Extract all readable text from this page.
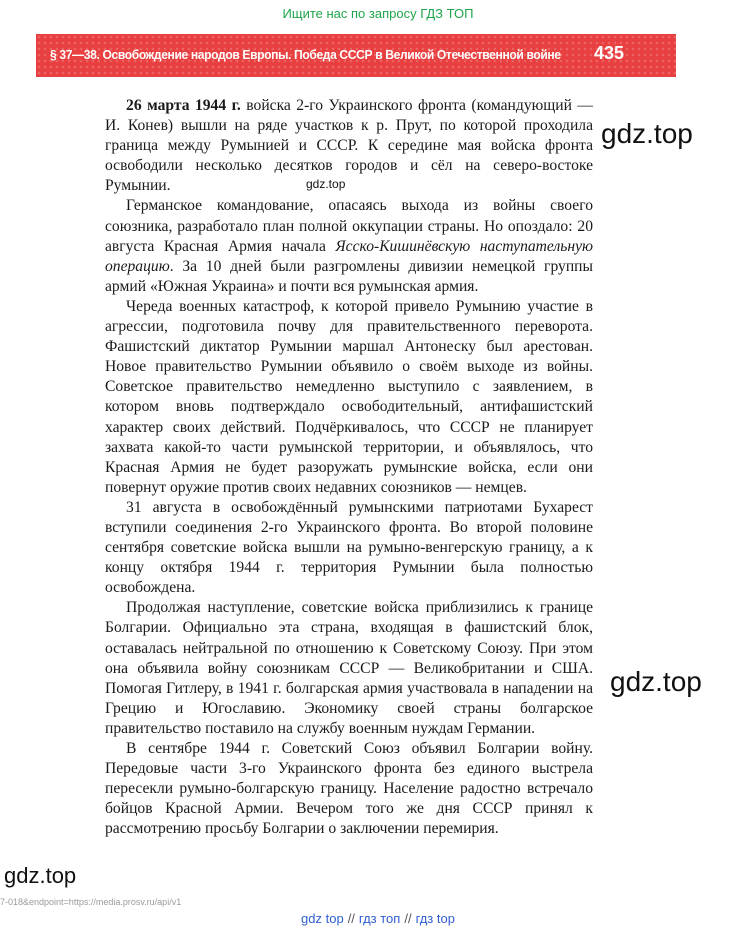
Ищите нас по запросу ГДЗ ТОП
§ 37—38. Освобождение народов Европы. Победа СССР в Великой Отечественной войне 435

26 марта 1944 г. войска 2-го Украинского фронта (командующий — И. Конев) вышли на ряде участков к р. Прут, по которой проходила граница между Румынией и СССР. К середине мая войска фронта освободили несколько десятков городов и сёл на северо-востоке Румынии.

Германское командование, опасаясь выхода из войны своего союзника, разработало план полной оккупации страны. Но опоздало: 20 августа Красная Армия начала Ясско-Кишинёвскую наступательную операцию. За 10 дней были разгромлены дивизии немецкой группы армий «Южная Украина» и почти вся румынская армия.

Череда военных катастроф, к которой привело Румынию участие в агрессии, подготовила почву для правительственного переворота. Фашистский диктатор Румынии маршал Антонеску был арестован. Новое правительство Румынии объявило о своём выходе из войны. Советское правительство немедленно выступило с заявлением, в котором вновь подтверждало освободительный, антифашистский характер своих действий. Подчёркивалось, что СССР не планирует захвата какой-то части румынской территории, и объявлялось, что Красная Армия не будет разоружать румынские войска, если они повернут оружие против своих недавних союзников — немцев.

31 августа в освобождённый румынскими патриотами Бухарест вступили соединения 2-го Украинского фронта. Во второй половине сентября советские войска вышли на румыно-венгерскую границу, а к концу октября 1944 г. территория Румынии была полностью освобождена.

Продолжая наступление, советские войска приблизились к границе Болгарии. Официально эта страна, входящая в фашистский блок, оставалась нейтральной по отношению к Советскому Союзу. При этом она объявила войну союзникам СССР — Великобритании и США. Помогая Гитлеру, в 1941 г. болгарская армия участвовала в нападении на Грецию и Югославию. Экономику своей страны болгарское правительство поставило на службу военным нуждам Германии.

В сентябре 1944 г. Советский Союз объявил Болгарии войну. Передовые части 3-го Украинского фронта без единого выстрела пересекли румыно-болгарскую границу. Население радостно встречало бойцов Красной Армии. Вечером того же дня СССР принял к рассмотрению просьбу Болгарии о заключении перемирия.

gdz.top
gdz.top
gdz.top
gdz.top
7-018&endpoint=https://media.prosv.ru/api/v1
gdz top // гдз топ // гдз top
